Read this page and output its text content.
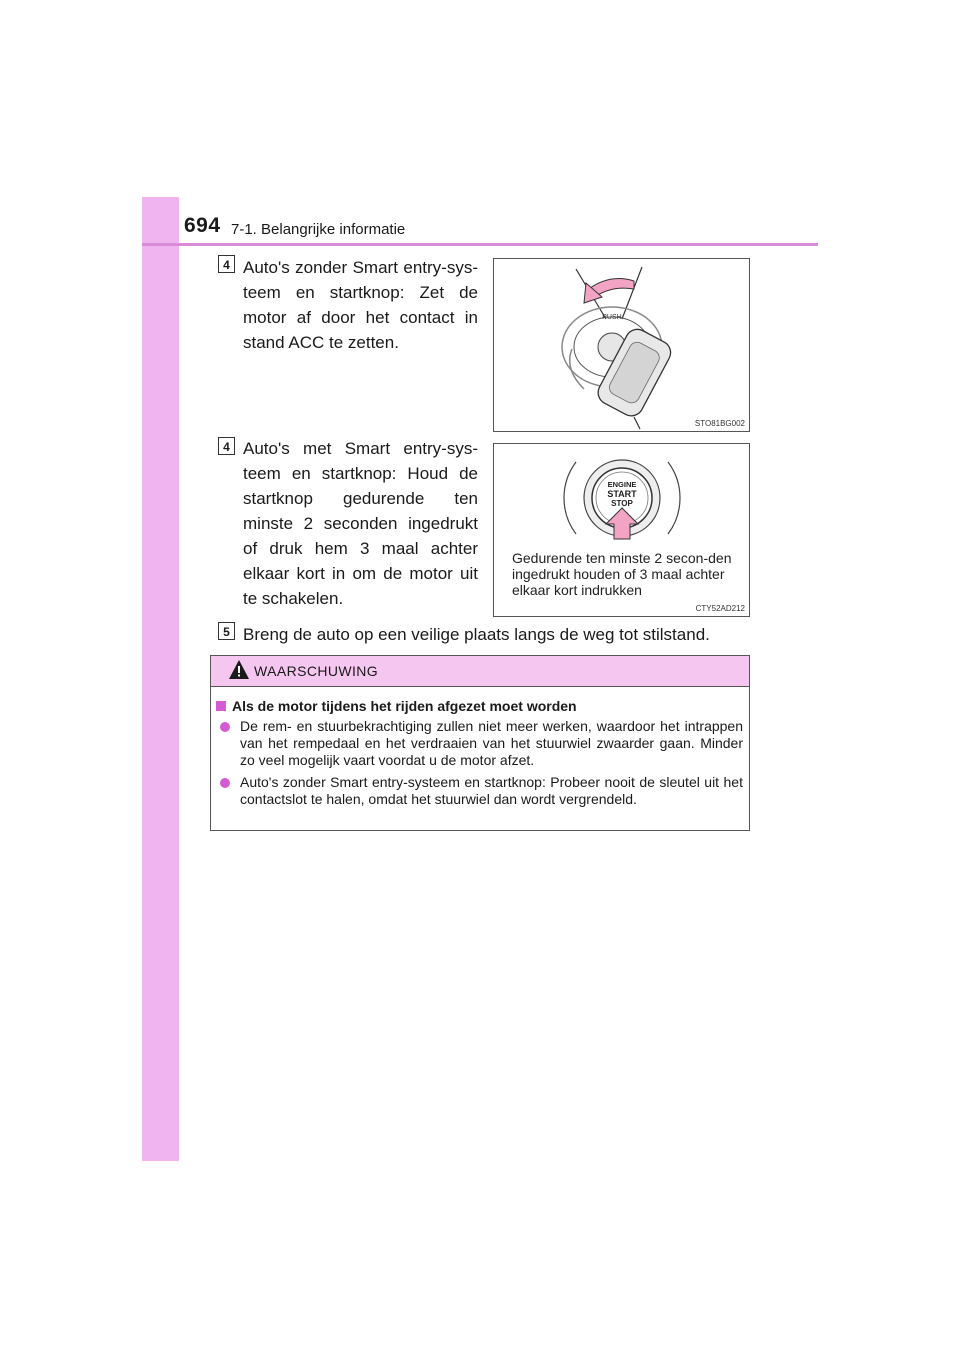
694 7-1. Belangrijke informatie
4 Auto's zonder Smart entry-sys-teem en startknop: Zet de motor af door het contact in stand ACC te zetten.
PUSH
STO81BG002
4 Auto's met Smart entry-sys-teem en startknop: Houd de startknop gedurende ten minste 2 seconden ingedrukt of druk hem 3 maal achter elkaar kort in om de motor uit te schakelen.
ENGINE
START
STOP
Gedurende ten minste 2 secon-den ingedrukt houden of 3 maal achter elkaar kort indrukken
CTY52AD212
5 Breng de auto op een veilige plaats langs de weg tot stilstand.
WAARSCHUWING
Als de motor tijdens het rijden afgezet moet worden
De rem- en stuurbekrachtiging zullen niet meer werken, waardoor het intrappen van het rempedaal en het verdraaien van het stuurwiel zwaarder gaan. Minder zo veel mogelijk vaart voordat u de motor afzet.
Auto's zonder Smart entry-systeem en startknop: Probeer nooit de sleutel uit het contactslot te halen, omdat het stuurwiel dan wordt vergrendeld.
